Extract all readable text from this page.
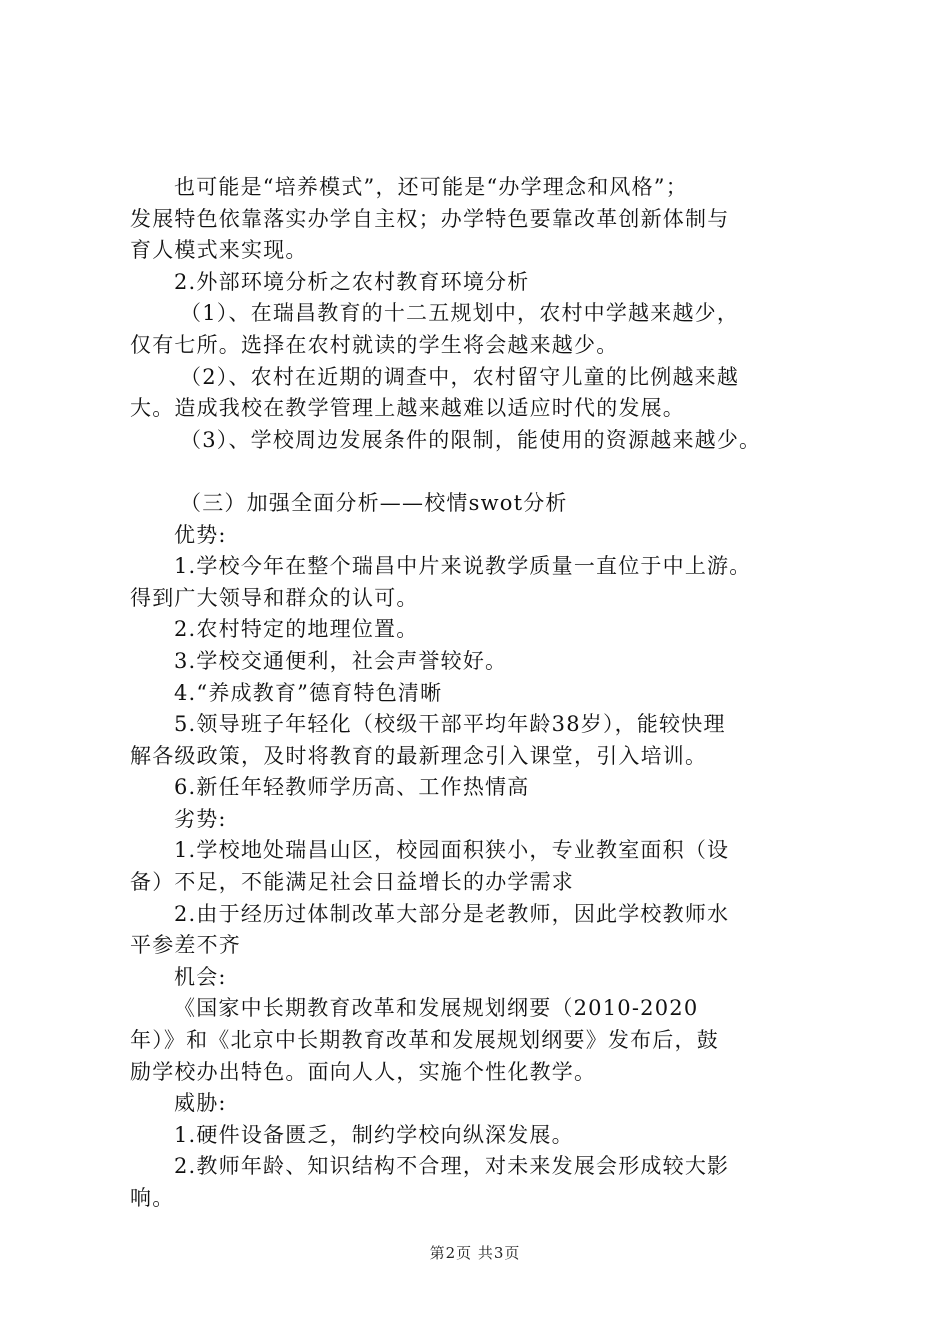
也可能是“培养模式”，还可能是“办学理念和风格”；
发展特色依靠落实办学自主权；办学特色要靠改革创新体制与
育人模式来实现。
2.外部环境分析之农村教育环境分析
（1）、在瑞昌教育的十二五规划中，农村中学越来越少，
仅有七所。选择在农村就读的学生将会越来越少。
（2）、农村在近期的调查中，农村留守儿童的比例越来越
大。造成我校在教学管理上越来越难以适应时代的发展。
（3）、学校周边发展条件的限制，能使用的资源越来越少。
（三）加强全面分析——校情swot分析
优势:
1.学校今年在整个瑞昌中片来说教学质量一直位于中上游。
得到广大领导和群众的认可。
2.农村特定的地理位置。
3.学校交通便利，社会声誉较好。
4.“养成教育”德育特色清晰
5.领导班子年轻化（校级干部平均年龄38岁），能较快理
解各级政策，及时将教育的最新理念引入课堂，引入培训。
6.新任年轻教师学历高、工作热情高
劣势:
1.学校地处瑞昌山区，校园面积狭小，专业教室面积（设
备）不足，不能满足社会日益增长的办学需求
2.由于经历过体制改革大部分是老教师，因此学校教师水
平参差不齐
机会:
《国家中长期教育改革和发展规划纲要（2010-2020
年）》和《北京中长期教育改革和发展规划纲要》发布后，鼓
励学校办出特色。面向人人，实施个性化教学。
威胁:
1.硬件设备匮乏，制约学校向纵深发展。
2.教师年龄、知识结构不合理，对未来发展会形成较大影
响。
第2页 共3页
